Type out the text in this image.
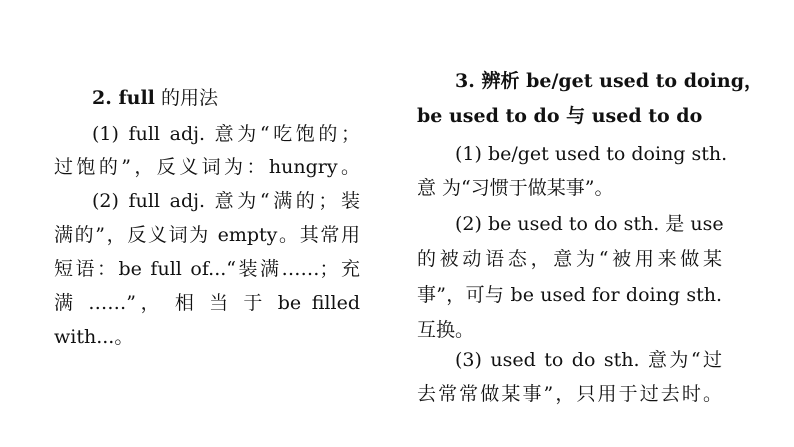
2. full 的用法
(1) full adj. 意为“吃饱的；
过饱的”，反义词为：hungry。
(2) full adj. 意为“满的；装
满的”，反义词为 empty。其常用
短语：be full of...“装满……；充
满 ……”， 相 当 于 be filled
with...。
3. 辨析 be/get used to doing，
be used to do 与 used to do
(1) be/get used to doing sth.
意 为“习惯于做某事”。
(2) be used to do sth. 是 use
的被动语态，意为“被用来做某
事”，可与 be used for doing sth.
互换。
(3) used to do sth. 意为“过
去常常做某事”，只用于过去时。
